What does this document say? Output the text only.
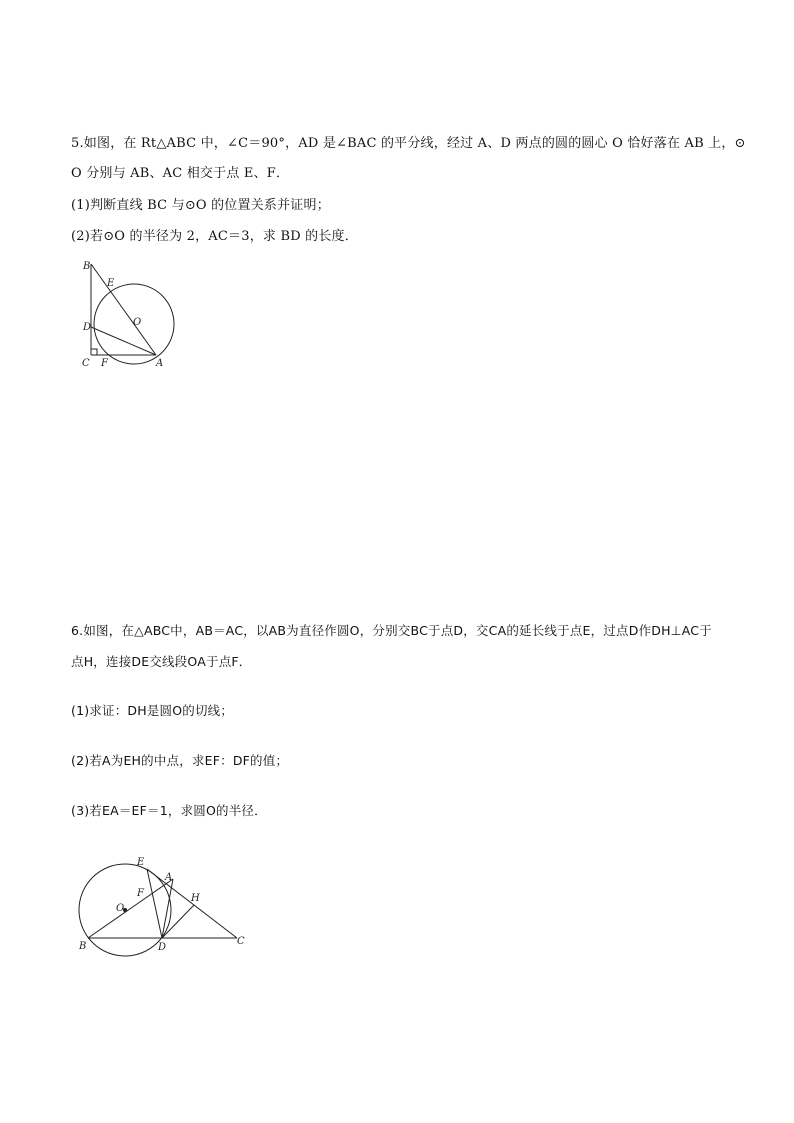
5.如图，在 Rt△ABC 中，∠C＝90°，AD 是∠BAC 的平分线，经过 A、D 两点的圆的圆心 O 恰好落在 AB 上，⊙
O 分别与 AB、AC 相交于点 E、F．
(1)判断直线 BC 与⊙O 的位置关系并证明；
(2)若⊙O 的半径为 2，AC＝3，求 BD 的长度．
B
E
O
D
C F	A
6.如图，在△ABC中，AB＝AC，以AB为直径作圆O，分别交BC于点D，交CA的延长线于点E，过点D作DH⊥AC于
点H，连接DE交线段OA于点F．
(1)求证：DH是圆O的切线；
(2)若A为EH的中点，求EF：DF的值；
(3)若EA＝EF＝1，求圆O的半径．
E
A
F	H
O
B	D
C
